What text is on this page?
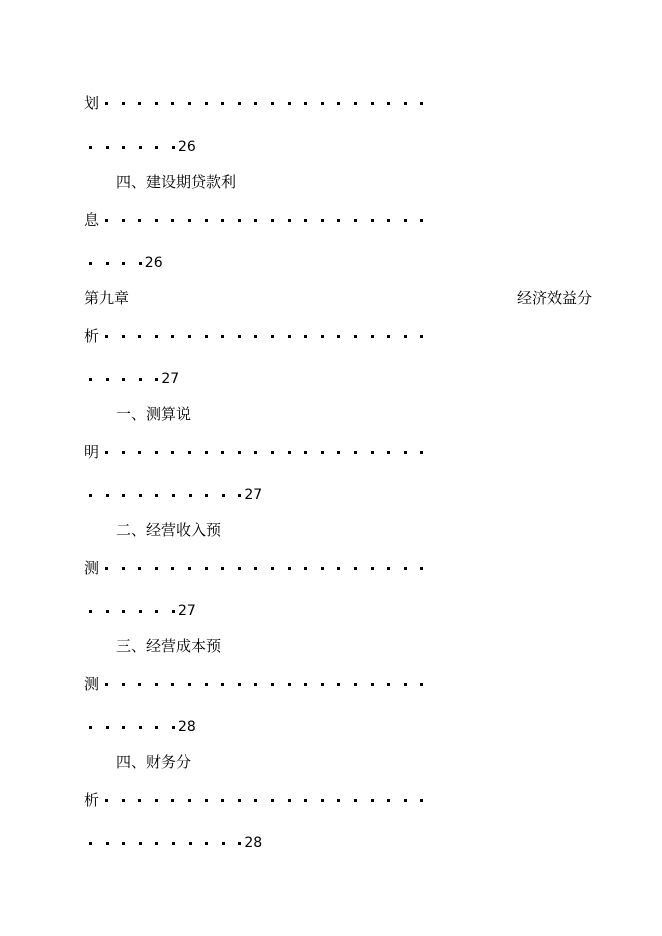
划
26
四、建设期贷款利
息
26
第九章	经济效益分
析
27
一、测算说
明
27
二、经营收入预
测
27
三、经营成本预
测
28
四、财务分
析
28
